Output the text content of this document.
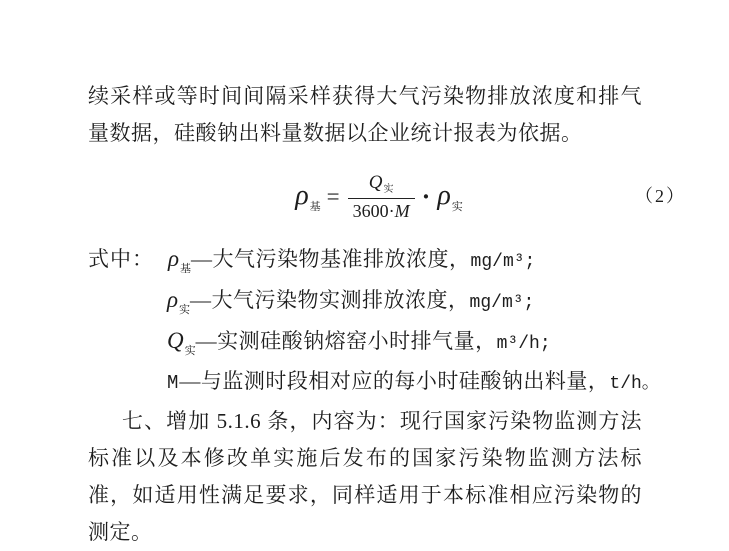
续采样或等时间间隔采样获得大气污染物排放浓度和排气量数据，硅酸钠出料量数据以企业统计报表为依据。

$\rho_基 = \frac{Q_实}{3600\cdot M} \cdot \rho_实$
（2）
式中： $\rho_基—$大气污染物基准排放浓度，mg/m³;
$\rho_实—$大气污染物实测排放浓度，mg/m³;
$Q_实—$实测硅酸钠熔窑小时排气量，m³/h;
M—与监测时段相对应的每小时硅酸钠出料量，t/h。

七、增加 5.1.6 条，内容为：现行国家污染物监测方法标准以及本修改单实施后发布的国家污染物监测方法标准，如适用性满足要求，同样适用于本标准相应污染物的测定。
